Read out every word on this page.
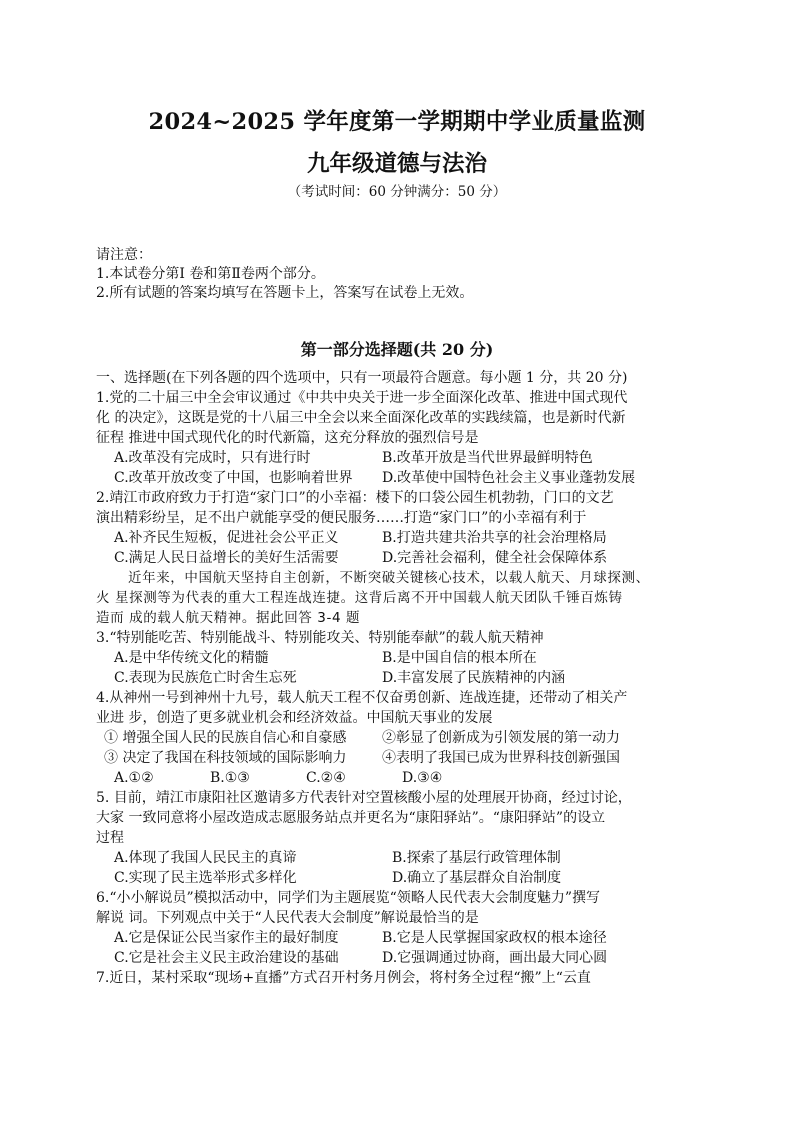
2024~2025 学年度第一学期期中学业质量监测
九年级道德与法治
（考试时间：60 分钟满分：50 分）
请注意：
1.本试卷分第Ⅰ 卷和第Ⅱ卷两个部分。
2.所有试题的答案均填写在答题卡上，答案写在试卷上无效。
第一部分选择题(共 20 分)
一、选择题(在下列各题的四个选项中，只有一项最符合题意。每小题 1 分，共 20 分)
1.党的二十届三中全会审议通过《中共中央关于进一步全面深化改革、推进中国式现代
化 的决定》，这既是党的十八届三中全会以来全面深化改革的实践续篇，也是新时代新
征程 推进中国式现代化的时代新篇，这充分释放的强烈信号是
A.改革没有完成时，只有进行时	B.改革开放是当代世界最鲜明特色
C.改革开放改变了中国，也影响着世界	D.改革使中国特色社会主义事业蓬勃发展
2.靖江市政府致力于打造“家门口”的小幸福：楼下的口袋公园生机勃勃，门口的文艺
演出精彩纷呈，足不出户就能享受的便民服务……打造“家门口”的小幸福有利于
A.补齐民生短板，促进社会公平正义	B.打造共建共治共享的社会治理格局
C.满足人民日益增长的美好生活需要	D.完善社会福利，健全社会保障体系
近年来，中国航天坚持自主创新，不断突破关键核心技术，以载人航天、月球探测、
火 星探测等为代表的重大工程连战连捷。这背后离不开中国载人航天团队千锤百炼铸
造而 成的载人航天精神。据此回答 3-4 题
3.“特别能吃苦、特别能战斗、特别能攻关、特别能奉献”的载人航天精神
A.是中华传统文化的精髓	B.是中国自信的根本所在
C.表现为民族危亡时舍生忘死	D.丰富发展了民族精神的内涵
4.从神州一号到神州十九号，载人航天工程不仅奋勇创新、连战连捷，还带动了相关产
业进 步，创造了更多就业机会和经济效益。中国航天事业的发展
① 增强全国人民的民族自信心和自豪感	②彰显了创新成为引领发展的第一动力
③ 决定了我国在科技领域的国际影响力	④表明了我国已成为世界科技创新强国
A.①②	B.①③	C.②④	D.③④
5. 目前，靖江市康阳社区邀请多方代表针对空置核酸小屋的处理展开协商，经过讨论，
大家 一致同意将小屋改造成志愿服务站点并更名为“康阳驿站”。“康阳驿站”的设立
过程
A.体现了我国人民民主的真谛	B.探索了基层行政管理体制
C.实现了民主选举形式多样化	D.确立了基层群众自治制度
6.“小小解说员”模拟活动中，同学们为主题展览“领略人民代表大会制度魅力”撰写
解说 词。下列观点中关于“人民代表大会制度”解说最恰当的是
A.它是保证公民当家作主的最好制度	B.它是人民掌握国家政权的根本途径
C.它是社会主义民主政治建设的基础	D.它强调通过协商，画出最大同心圆
7.近日，某村采取“现场+直播”方式召开村务月例会，将村务全过程“搬”上“云直
